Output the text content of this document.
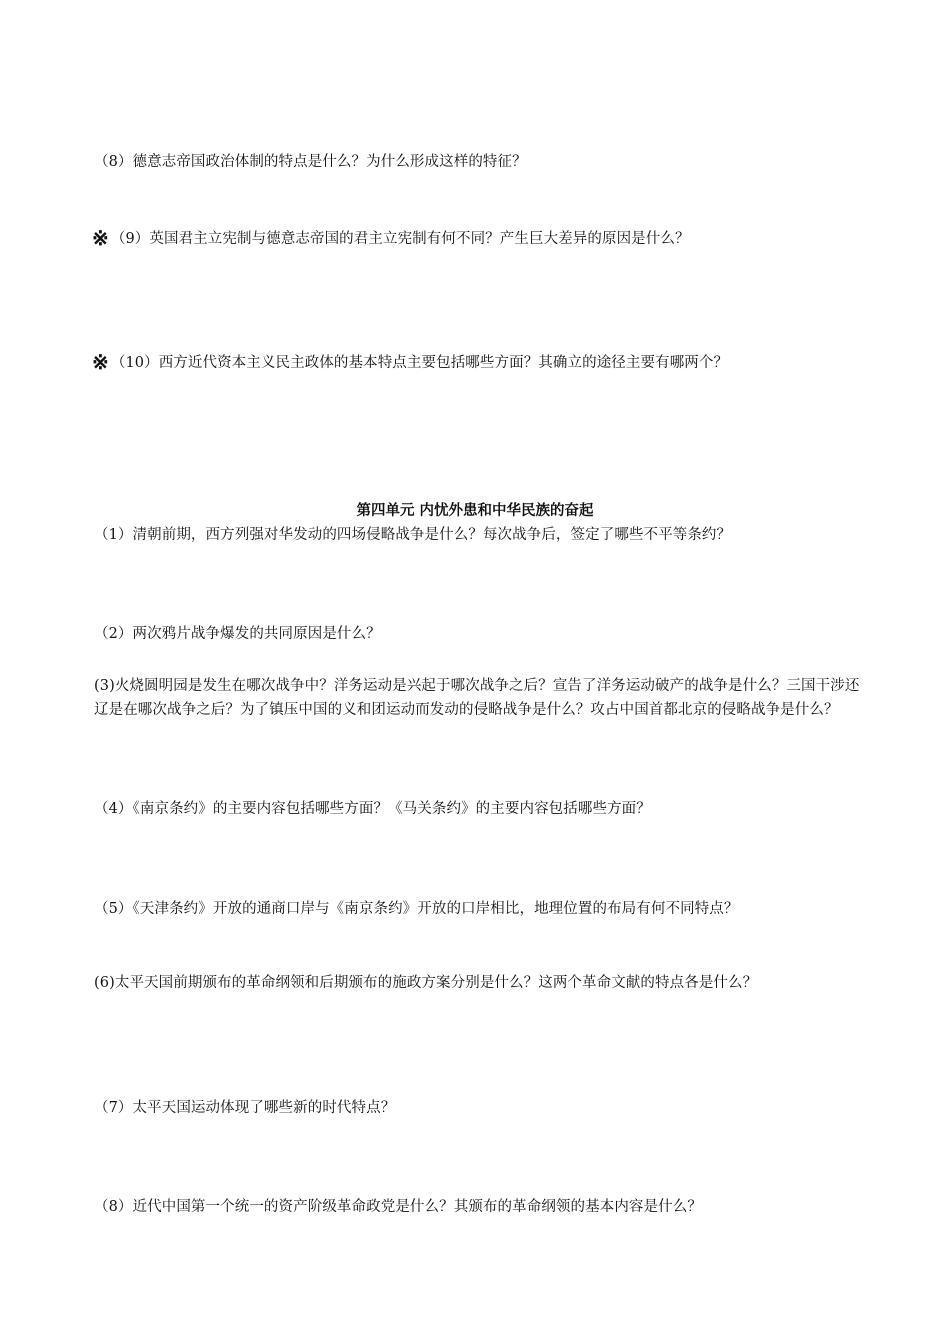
（8）德意志帝国政治体制的特点是什么？为什么形成这样的特征？
※ （9）英国君主立宪制与德意志帝国的君主立宪制有何不同？产生巨大差异的原因是什么？
※ （10）西方近代资本主义民主政体的基本特点主要包括哪些方面？其确立的途径主要有哪两个？
第四单元 内忧外患和中华民族的奋起
（1）清朝前期，西方列强对华发动的四场侵略战争是什么？每次战争后，签定了哪些不平等条约？
（2）两次鸦片战争爆发的共同原因是什么？
(3)火烧圆明园是发生在哪次战争中？洋务运动是兴起于哪次战争之后？宣告了洋务运动破产的战争是什么？三国干涉还辽是在哪次战争之后？为了镇压中国的义和团运动而发动的侵略战争是什么？攻占中国首都北京的侵略战争是什么？
（4）《南京条约》的主要内容包括哪些方面？《马关条约》的主要内容包括哪些方面？
（5）《天津条约》开放的通商口岸与《南京条约》开放的口岸相比，地理位置的布局有何不同特点？
(6)太平天国前期颁布的革命纲领和后期颁布的施政方案分别是什么？这两个革命文献的特点各是什么？
（7）太平天国运动体现了哪些新的时代特点？
（8）近代中国第一个统一的资产阶级革命政党是什么？其颁布的革命纲领的基本内容是什么？
